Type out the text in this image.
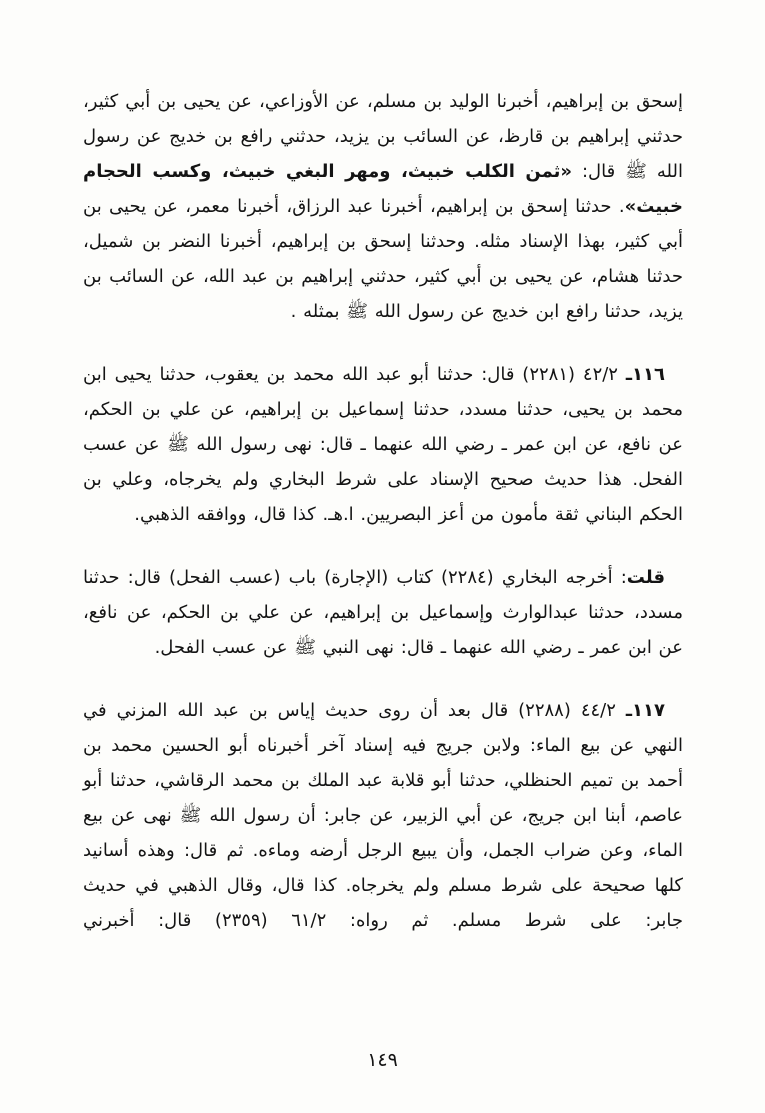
إسحق بن إبراهيم، أخبرنا الوليد بن مسلم، عن الأوزاعي، عن يحيى بن أبي كثير، حدثني إبراهيم بن قارظ، عن السائب بن يزيد، حدثني رافع بن خديج عن رسول الله ﷺ قال: «ثمن الكلب خبيث، ومهر البغي خبيث، وكسب الحجام خبيث». حدثنا إسحق بن إبراهيم، أخبرنا عبد الرزاق، أخبرنا معمر، عن يحيى بن أبي كثير، بهذا الإسناد مثله. وحدثنا إسحق بن إبراهيم، أخبرنا النضر بن شميل، حدثنا هشام، عن يحيى بن أبي كثير، حدثني إبراهيم بن عبد الله، عن السائب بن يزيد، حدثنا رافع ابن خديج عن رسول الله ﷺ بمثله .

١١٦ـ ٤٢/٢ (٢٢٨١) قال: حدثنا أبو عبد الله محمد بن يعقوب، حدثنا يحيى ابن محمد بن يحيى، حدثنا مسدد، حدثنا إسماعيل بن إبراهيم، عن علي بن الحكم، عن نافع، عن ابن عمر ـ رضي الله عنهما ـ قال: نهى رسول الله ﷺ عن عسب الفحل. هذا حديث صحيح الإسناد على شرط البخاري ولم يخرجاه، وعلي بن الحكم البناني ثقة مأمون من أعز البصريين. ا.هـ. كذا قال، ووافقه الذهبي.

قلت: أخرجه البخاري (٢٢٨٤) كتاب (الإجارة) باب (عسب الفحل) قال: حدثنا مسدد، حدثنا عبدالوارث وإسماعيل بن إبراهيم، عن علي بن الحكم، عن نافع، عن ابن عمر ـ رضي الله عنهما ـ قال: نهى النبي ﷺ عن عسب الفحل.

١١٧ـ ٤٤/٢ (٢٢٨٨) قال بعد أن روى حديث إياس بن عبد الله المزني في النهي عن بيع الماء: ولابن جريج فيه إسناد آخر أخبرناه أبو الحسين محمد بن أحمد بن تميم الحنظلي، حدثنا أبو قلابة عبد الملك بن محمد الرقاشي، حدثنا أبو عاصم، أبنا ابن جريج، عن أبي الزبير، عن جابر: أن رسول الله ﷺ نهى عن بيع الماء، وعن ضراب الجمل، وأن يبيع الرجل أرضه وماءه. ثم قال: وهذه أسانيد كلها صحيحة على شرط مسلم ولم يخرجاه. كذا قال، وقال الذهبي في حديث جابر: على شرط مسلم. ثم رواه: ٦١/٢ (٢٣٥٩) قال: أخبرني

١٤٩
